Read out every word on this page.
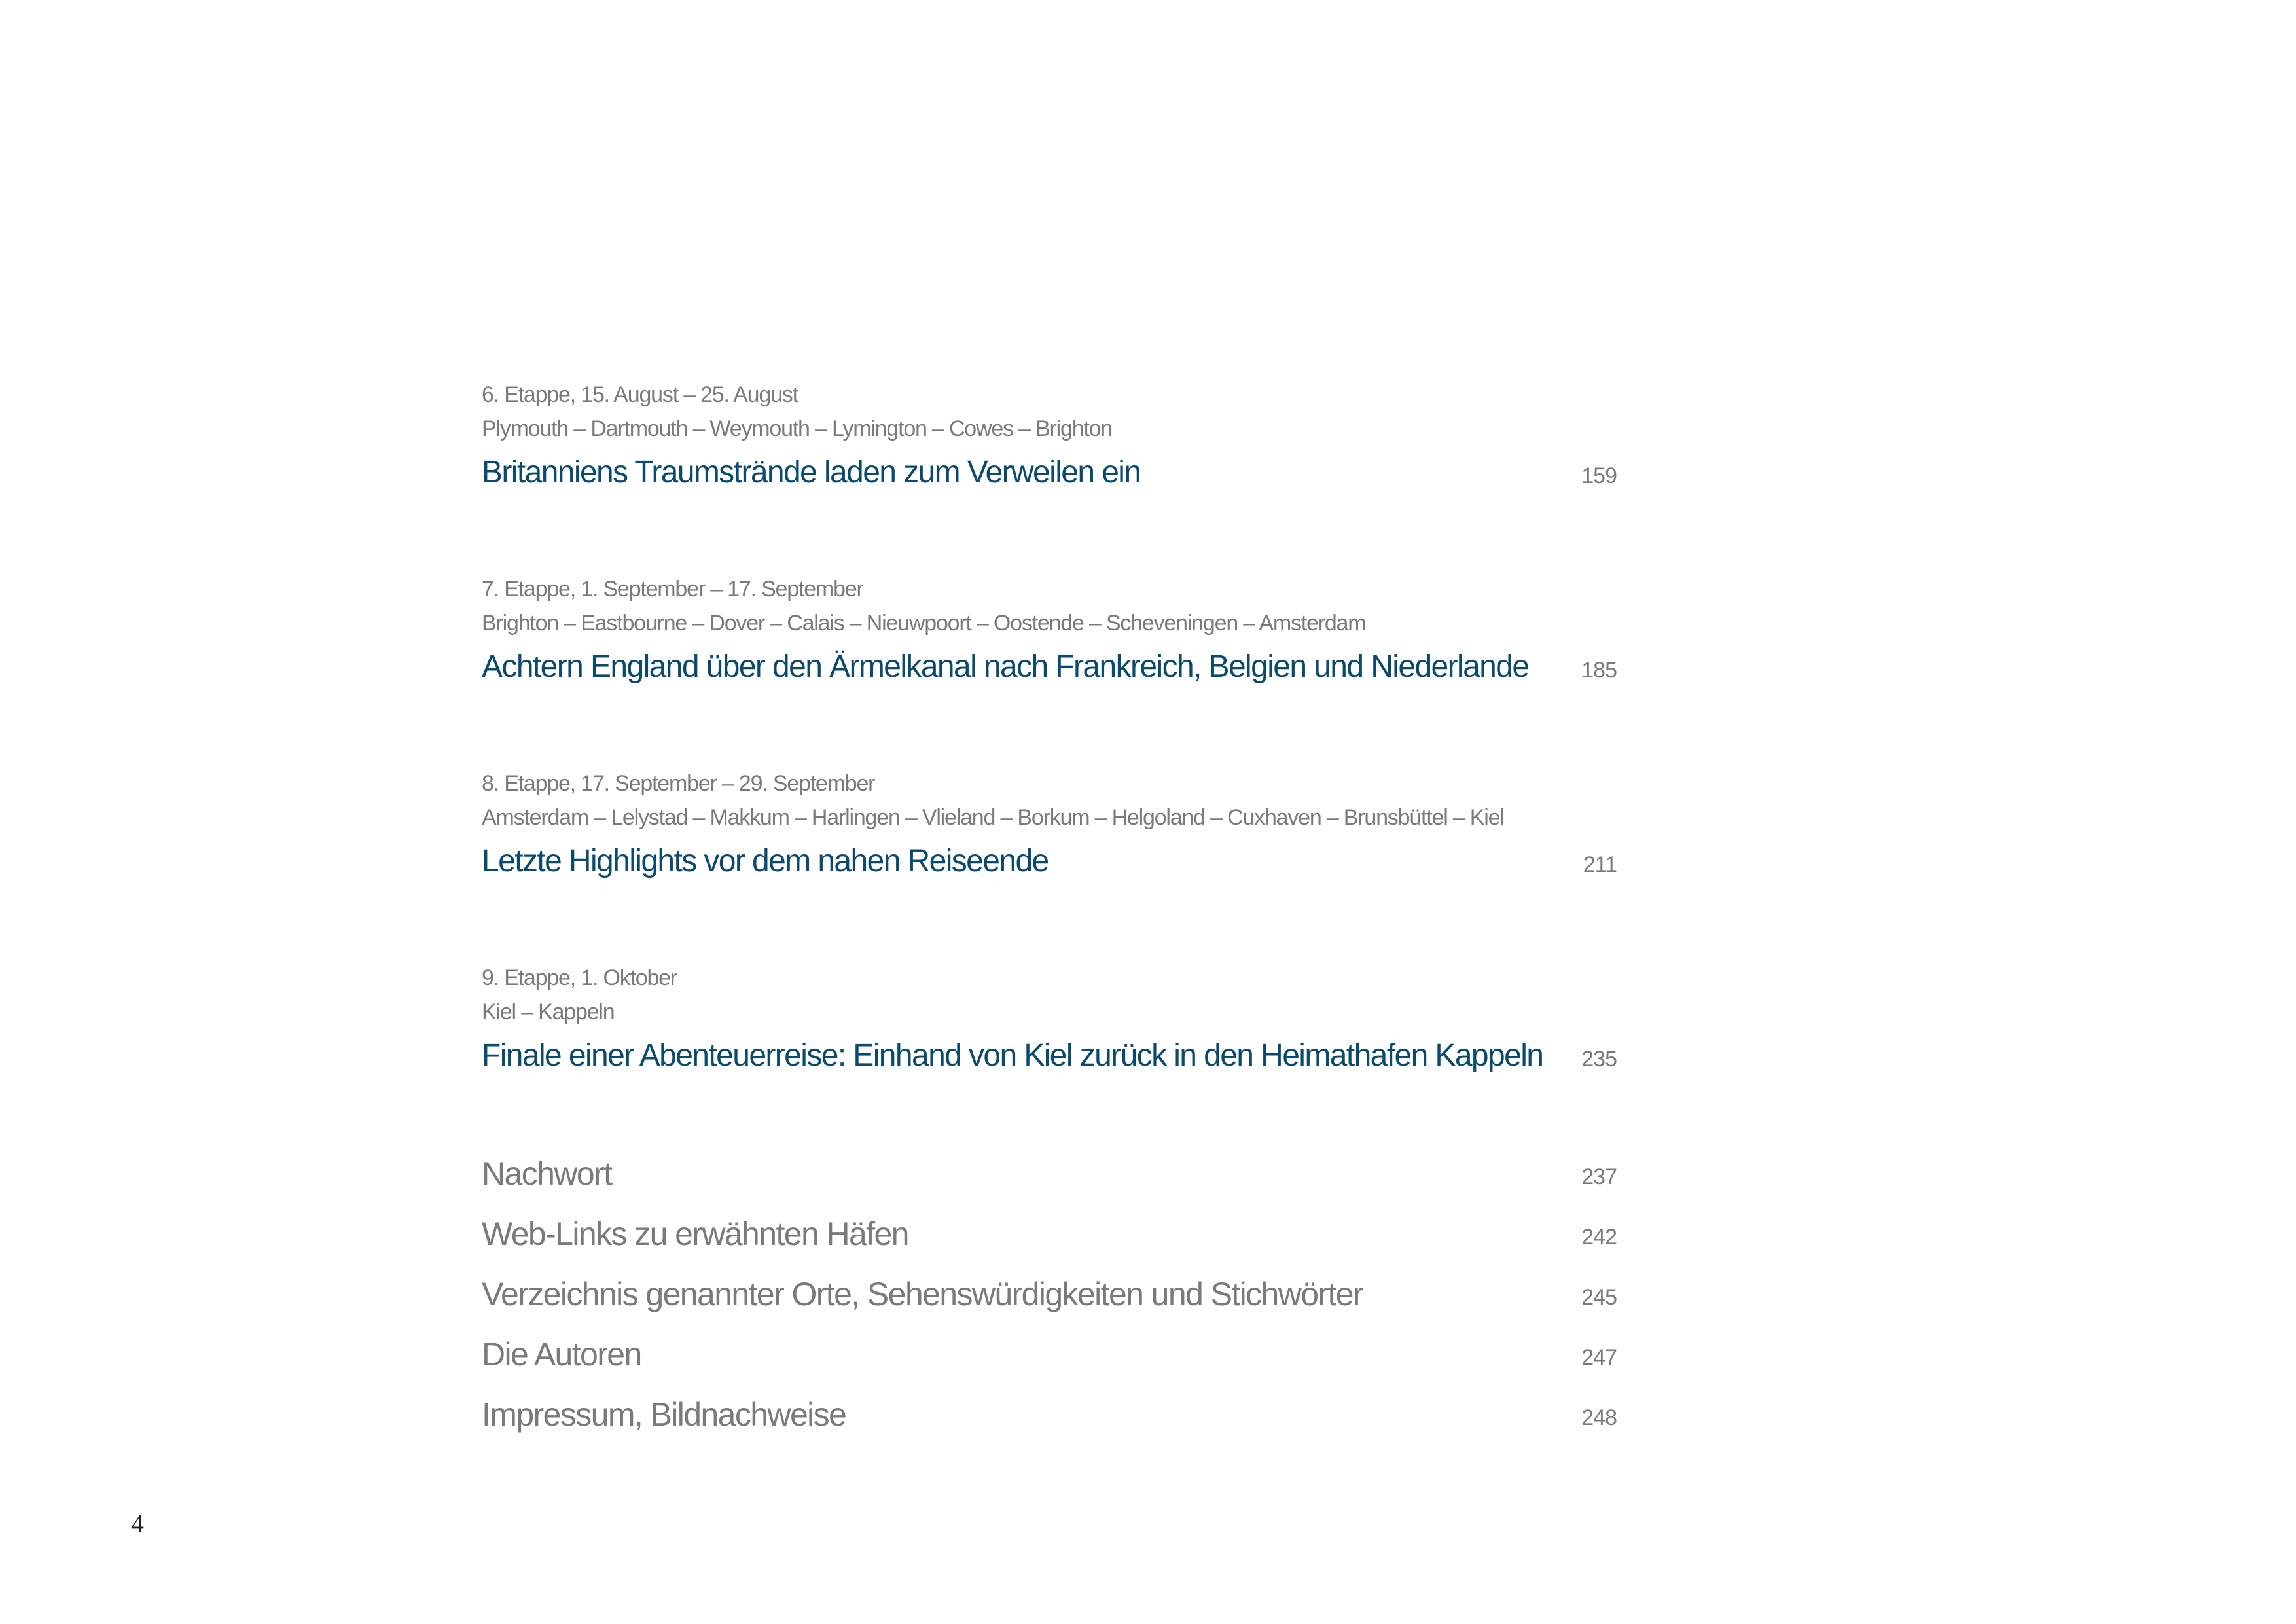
6. Etappe, 15. August – 25. August
Plymouth – Dartmouth – Weymouth – Lymington – Cowes – Brighton
Britanniens Traumstrände laden zum Verweilen ein	159
7. Etappe, 1. September – 17. September
Brighton – Eastbourne – Dover – Calais – Nieuwpoort – Oostende – Scheveningen – Amsterdam
Achtern England über den Ärmelkanal nach Frankreich, Belgien und Niederlande 185
8. Etappe, 17. September – 29. September
Amsterdam – Lelystad – Makkum – Harlingen – Vlieland – Borkum – Helgoland – Cuxhaven – Brunsbüttel – Kiel
Letzte Highlights vor dem nahen Reiseende	211
9. Etappe, 1. Oktober
Kiel – Kappeln
Finale einer Abenteuerreise: Einhand von Kiel zurück in den Heimathafen Kappeln 235
Nachwort	237
Web-Links zu erwähnten Häfen	242
Verzeichnis genannter Orte, Sehenswürdigkeiten und Stichwörter	245
Die Autoren	247
Impressum, Bildnachweise	248
4
